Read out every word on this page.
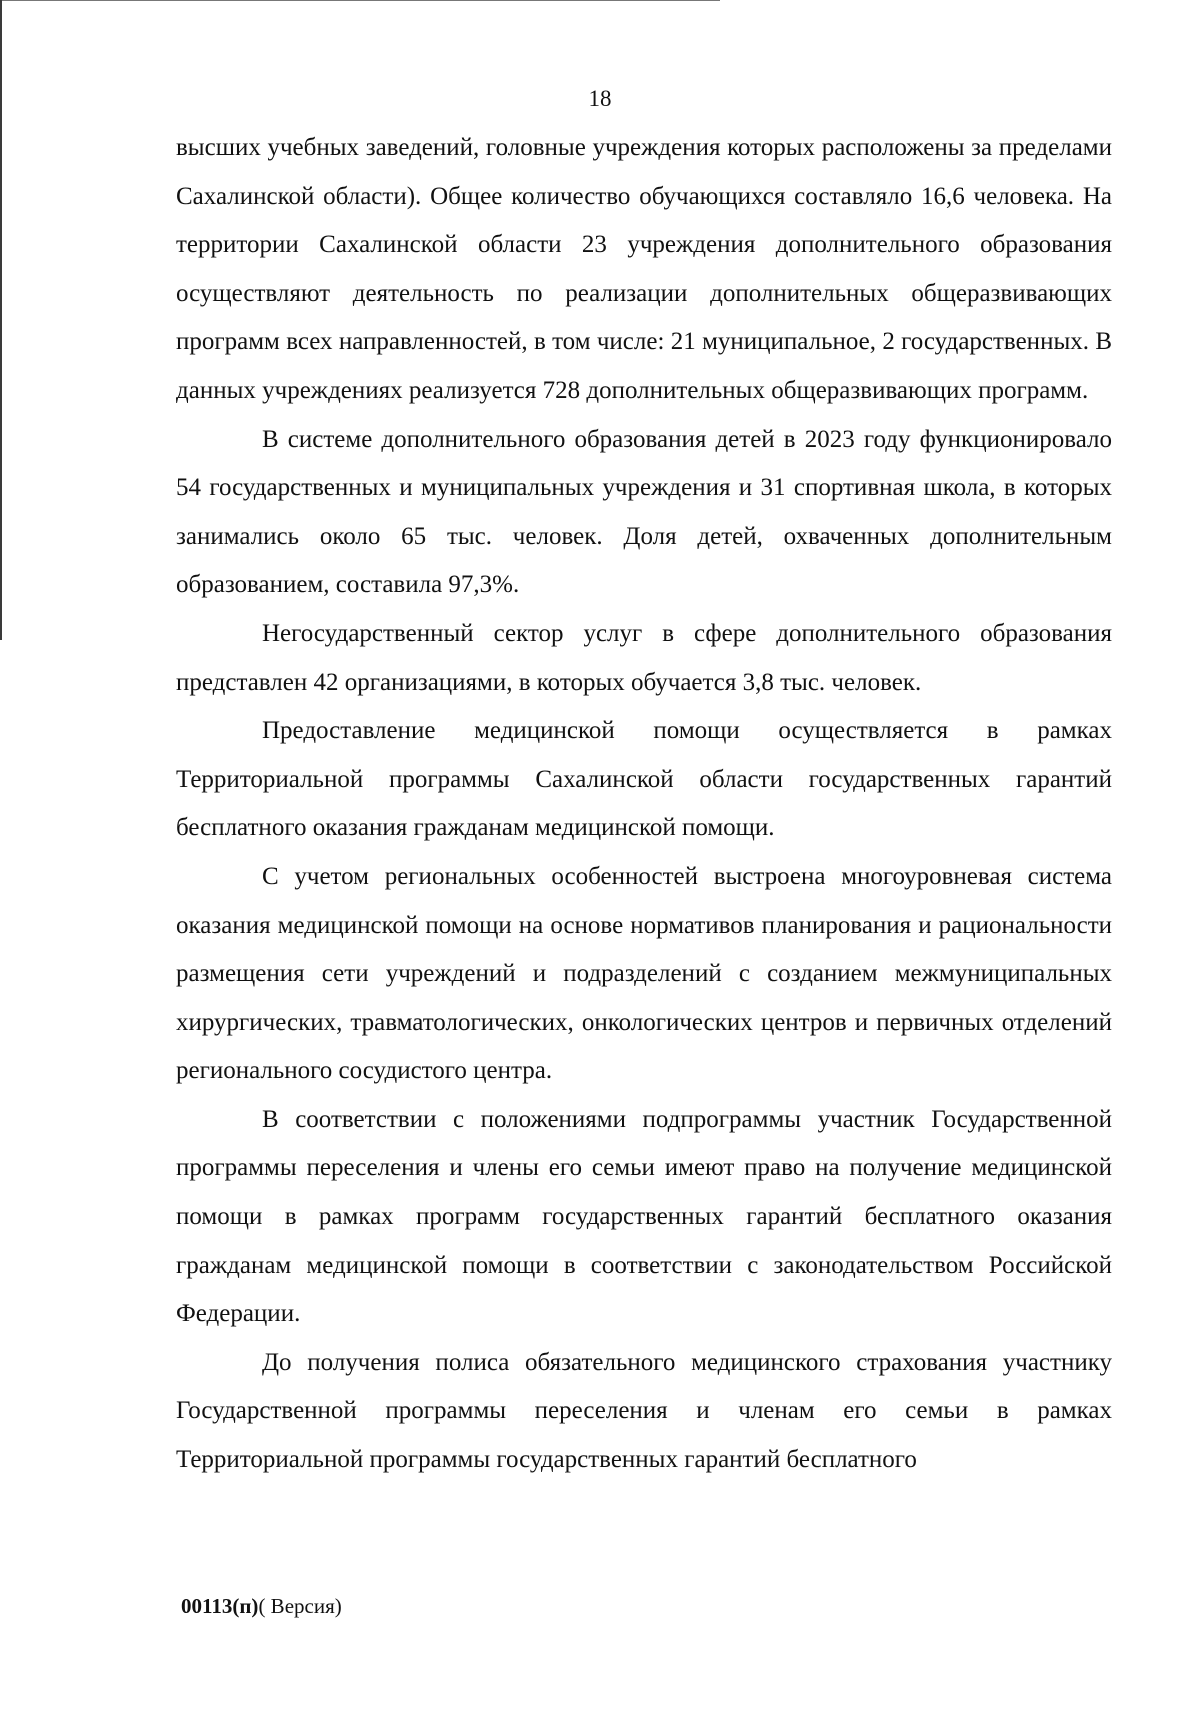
18

высших учебных заведений, головные учреждения которых расположены за пределами Сахалинской области). Общее количество обучающихся составляло 16,6 человека. На территории Сахалинской области 23 учреждения дополнительного образования осуществляют деятельность по реализации дополнительных общеразвивающих программ всех направленностей, в том числе: 21 муниципальное, 2 государственных. В данных учреждениях реализуется 728 дополнительных общеразвивающих программ.

В системе дополнительного образования детей в 2023 году функционировало 54 государственных и муниципальных учреждения и 31 спортивная школа, в которых занимались около 65 тыс. человек. Доля детей, охваченных дополнительным образованием, составила 97,3%.

Негосударственный сектор услуг в сфере дополнительного образования представлен 42 организациями, в которых обучается 3,8 тыс. человек.

Предоставление медицинской помощи осуществляется в рамках Территориальной программы Сахалинской области государственных гарантий бесплатного оказания гражданам медицинской помощи.

С учетом региональных особенностей выстроена многоуровневая система оказания медицинской помощи на основе нормативов планирования и рациональности размещения сети учреждений и подразделений с созданием межмуниципальных хирургических, травматологических, онкологических центров и первичных отделений регионального сосудистого центра.

В соответствии с положениями подпрограммы участник Государственной программы переселения и члены его семьи имеют право на получение медицинской помощи в рамках программ государственных гарантий бесплатного оказания гражданам медицинской помощи в соответствии с законодательством Российской Федерации.

До получения полиса обязательного медицинского страхования участнику Государственной программы переселения и членам его семьи в рамках Территориальной программы государственных гарантий бесплатного

00113(п)( Версия)
